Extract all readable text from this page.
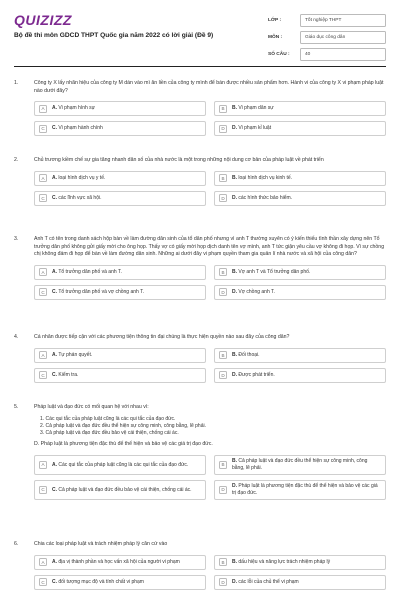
QUIZIZZ
Bộ đề thi môn GDCD THPT Quốc gia năm 2022 có lời giải (Đề 9)
LỚP :	Tốt nghiệp THPT
MÔN :	Giáo dục công dân
SỐ CÂU :	40
1.	Công ty X lấy nhãn hiệu của công ty M dán vào mì ăn liền của công ty mình để bán được nhiều sản phẩm hơn. Hành vi của công ty X vi phạm pháp luật nào dưới đây?
A	A. Vi phạm hình sự	B	B. Vi phạm dân sự
C	C. Vi phạm hành chính	D	D. Vi phạm kỉ luật
2.	Chủ trương kiềm chế sự gia tăng nhanh dân số của nhà nước là một trong những nội dung cơ bản của pháp luật về phát triển
A	A. loại hình dịch vụ y tế.	B	B. loại hình dịch vụ kinh tế.
C	C. các lĩnh vực xã hội.	D	D. các hình thức bảo hiểm.
3.	Anh T có tên trong danh sách hộp bàn về làm đường dân sinh của tổ dân phố nhưng vì anh T thường xuyên có ý kiến thiếu tình thần xây dựng nên Tổ trưởng dân phố không gửi giấy mời cho ông họp. Thấy vợ có giấy mời họp dịch danh tên vợ mình, anh T tức giận yêu cầu vợ không đi họp. Vì sự chồng chị không đám đi họp để bàn về làm đường dân sinh. Những ai dưới đây vi phạm quyền tham gia quản lí nhà nước và xã hội của công dân?
A	A. Tổ trưởng dân phố và anh T.	B	B. Vợ anh T và Tổ trưởng dân phố.
C	C. Tổ trưởng dân phố và vợ chồng anh T.	D	D. Vợ chồng anh T.
4.	Cá nhân được tiếp cận với các phương tiện thông tin đại chúng là thực hiện quyền nào sau đây của công dân?
A	A. Tự phán quyết.	B	B. Đối thoại.
C	C. Kiểm tra.	D	D. Được phát triển.
5.	Pháp luật và đạo đức có mối quan hệ với nhau vì:
1. Các qui tắc của pháp luật cũng là các qui tắc của đạo đức.
2. Cả pháp luật và đạo đức đều thể hiện sự công minh, công bằng, lẽ phải.
3. Cả pháp luật và đạo đức đều bảo vệ cái thiện, chống cái ác.
D. Pháp luật là phương tiện đặc thù để thể hiện và bảo vệ các giá trị đạo đức.
A	A. Các qui tắc của pháp luật cũng là các qui tắc của đạo đức.	B
B. Cả pháp luật và đạo đức đều thể hiện sự công minh, công bằng, lẽ phải.
C	C. Cả pháp luật và đạo đức đều bảo vệ cái thiện, chống cái ác.	D
D. Pháp luật là phương tiện đặc thù để thể hiện và bảo vệ các giá trị đạo đức.
6.	Chia các loại pháp luật và trách nhiệm pháp lý căn cứ vào
A	A. địa vị thành phần và học vấn xã hội của người vi phạm	B	B. dấu hiệu và năng lực trách nhiệm pháp lý
C	C. đối tượng mục độ và tính chất vi phạm	D	D. các lỗi của chủ thể vi phạm
